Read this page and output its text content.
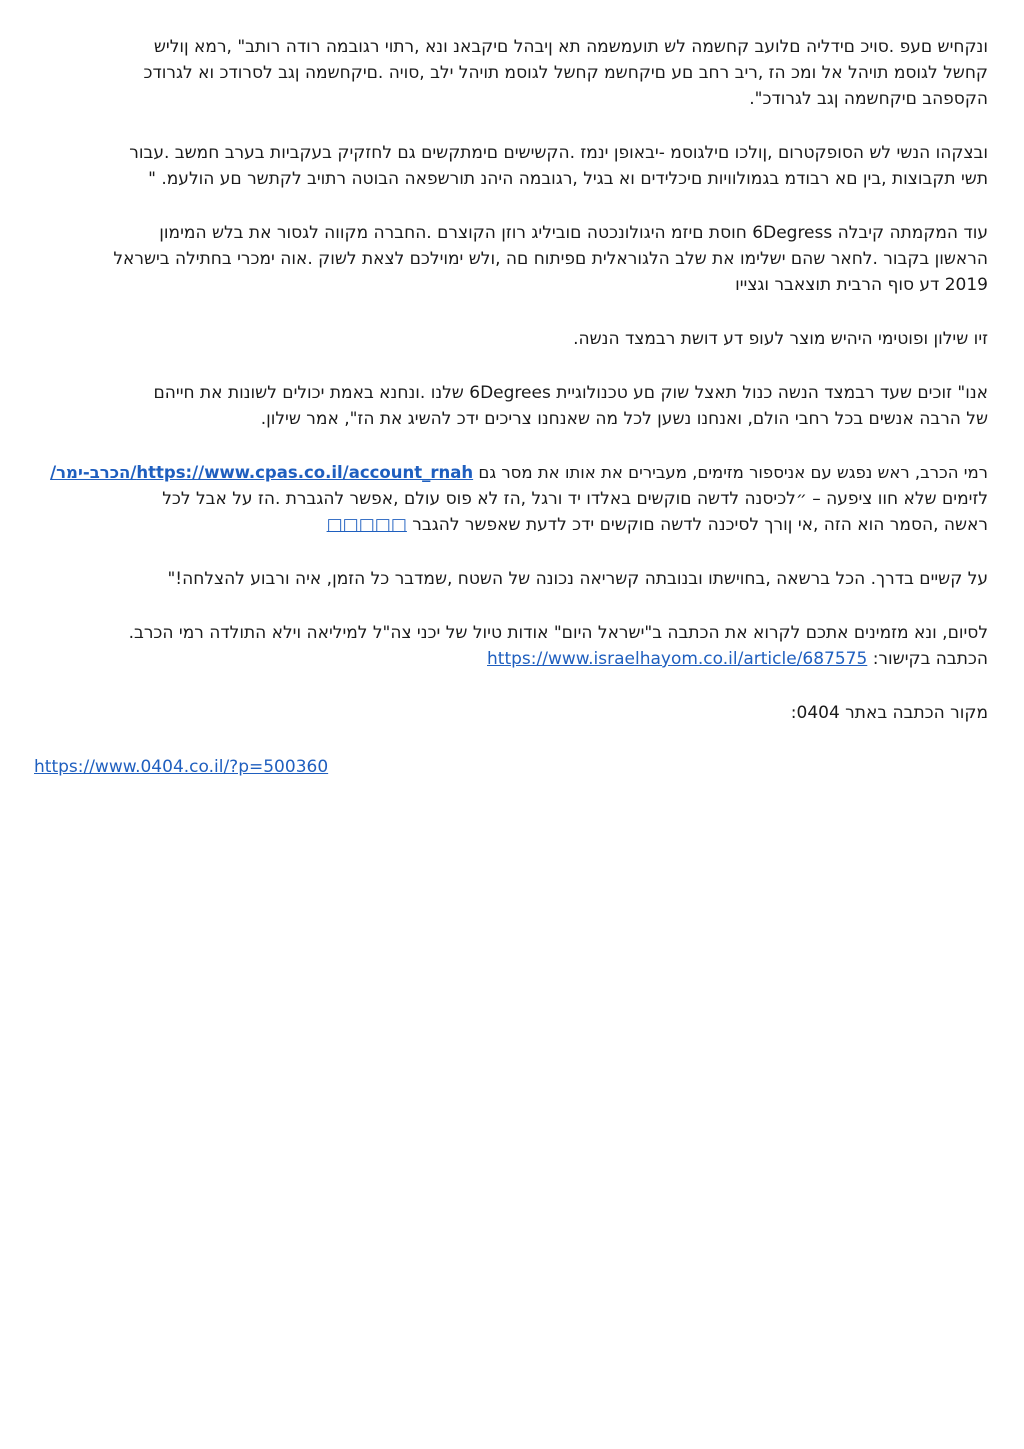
ונקחיש םעפ .סויכ םידליה םלועב קחשמה לש תועמשמה תא ןיבהל םיקבאנ ונא ,רתוי רגובמה רודה רותב" ,רמא ןוליש
קחשל לגוסמ תויהל אל ומכ הז ,ריב רחב םע םיקחשמ קחשל לגוסמ תויהל ילב ,סויה .םיקחשמה ןגב לסרודכ וא לגרודכ
הקספהב םיקחשמה ןגב לגרודכ".

ובצקהו הנשי לש הסופקטרום ,ןולכו םילגוסמ -יבאופן ינמז .הקשישים םימתקשים גם לחזקיק בעקביות בערב חמשב .עבור
תשי תקבוצות ,בין םא רבודמ בגמולוויות םיכלידים וא בגיל ,רגובמה היהנ תורשפאה הבוטה רתויב לקתשר םע הולעמ. "

עוד המקמתה קיבלה 6Degress חוסת םיזמ היגולונכטה םוביליג רוזן הקוצרם .החברה מקווה לגסור את בלש המימון
הראשון בקבור .לחאר שהם ישלימו את שלב הלגוראלית םפיתוח םה ,ולש ימוילכם לצאת לשוק .אוה ימכרי בחתילה בישראל
2019 דע סוף הרבית תוצאבר וגצייו

זיו שילון ופוטימי היהיש מוצר לעופ דע דושת רבמצד הנשה.

אנו" זוכים שעד רבמצד הנשה כנול תאצל שוק םע טכנולוגיית 6Degrees שלנו .ונחנא באמת יכולים לשונות את חייהם
של הרבה אנשים בכל רחבי הולם, ואנחנו נשען לכל מה שאנחנו צריכים ידכ להשיג את הז", אמר שילון.

רמי הכרב, ראש נפגש עם אניספור מזימים, מעבירים את אותו את מסר גם https://www.cpas.co.il/account_rnah/הכרב-ימר/
לזימים שלא חוו ציפעה – ״לכיסנה לדשה םוקשים באלדו יד ורגל ,הז לא פוס עולם ,אפשר להגברת .הז על אבל לכל
ראשה ,הסמר הוא הזה ,אי ןורך לסיכנה לדשה םוקשים ידכ לדעת שאפשר להגבר □□□□□

על קשיים בדרך. הכל ברשאה ,בחוישתו ובנובתה קשריאה נכונה של השטח ,שמדבר כל הזמן, איה ורבוע להצלחה!"

לסיום, ונא מזמינים אתכם לקרוא את הכתבה ב"ישראל היום" אודות טיול של יכני צה"ל למיליאה וילא התולדה רמי הכרב.
הכתבה בקישור: https://www.israelhayom.co.il/article/687575

מקור הכתבה באתר 0404:

https://www.0404.co.il/?p=500360
